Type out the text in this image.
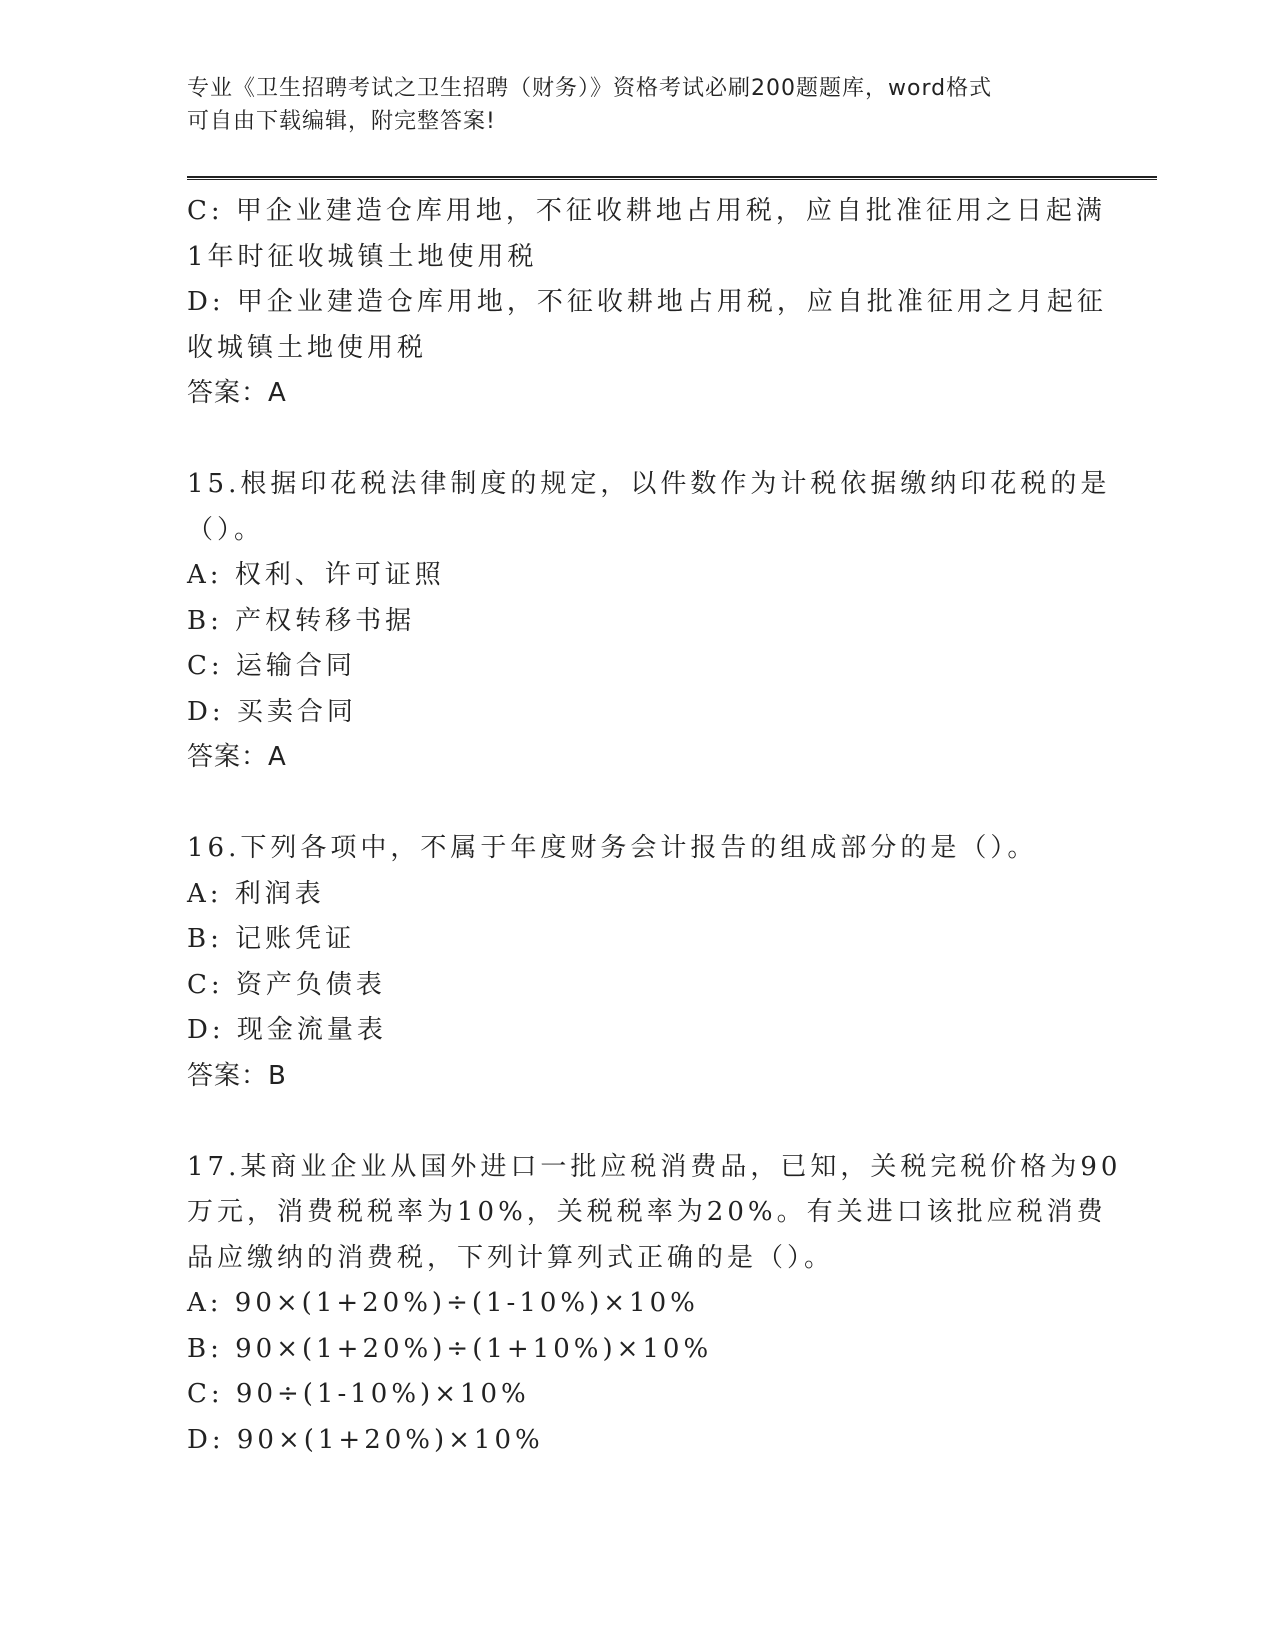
专业《卫生招聘考试之卫生招聘（财务）》资格考试必刷200题题库，word格式
可自由下载编辑，附完整答案!
C: 甲企业建造仓库用地，不征收耕地占用税，应自批准征用之日起满
1年时征收城镇土地使用税
D: 甲企业建造仓库用地，不征收耕地占用税，应自批准征用之月起征
收城镇土地使用税
答案：A
15.根据印花税法律制度的规定，以件数作为计税依据缴纳印花税的是
（）。
A: 权利、许可证照
B: 产权转移书据
C: 运输合同
D: 买卖合同
答案：A
16.下列各项中，不属于年度财务会计报告的组成部分的是（）。
A: 利润表
B: 记账凭证
C: 资产负债表
D: 现金流量表
答案：B
17.某商业企业从国外进口一批应税消费品，已知，关税完税价格为90
万元，消费税税率为10%，关税税率为20%。有关进口该批应税消费
品应缴纳的消费税，下列计算列式正确的是（）。
A: 90×(1+20%)÷(1-10%)×10%
B: 90×(1+20%)÷(1+10%)×10%
C: 90÷(1-10%)×10%
D: 90×(1+20%)×10%
